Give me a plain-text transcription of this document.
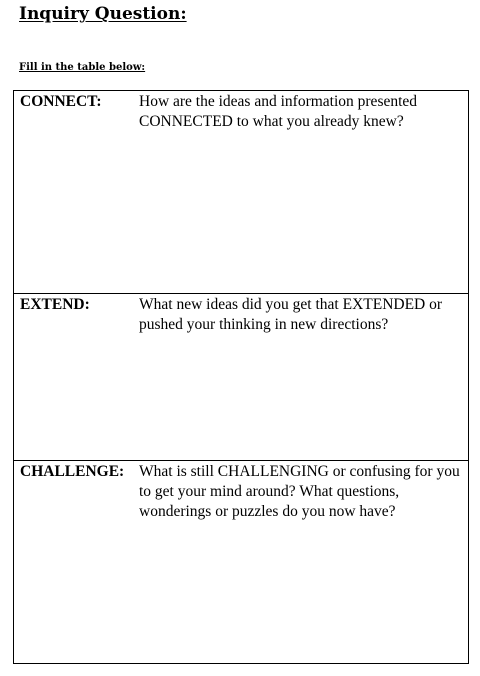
Inquiry Question:
Fill in the table below:
CONNECT: How are the ideas and information presented CONNECTED to what you already knew?
EXTEND:	What new ideas did you get that EXTENDED or pushed your thinking in new directions?
CHALLENGE: What is still CHALLENGING or confusing for you to get your mind around? What questions, wonderings or puzzles do you now have?
